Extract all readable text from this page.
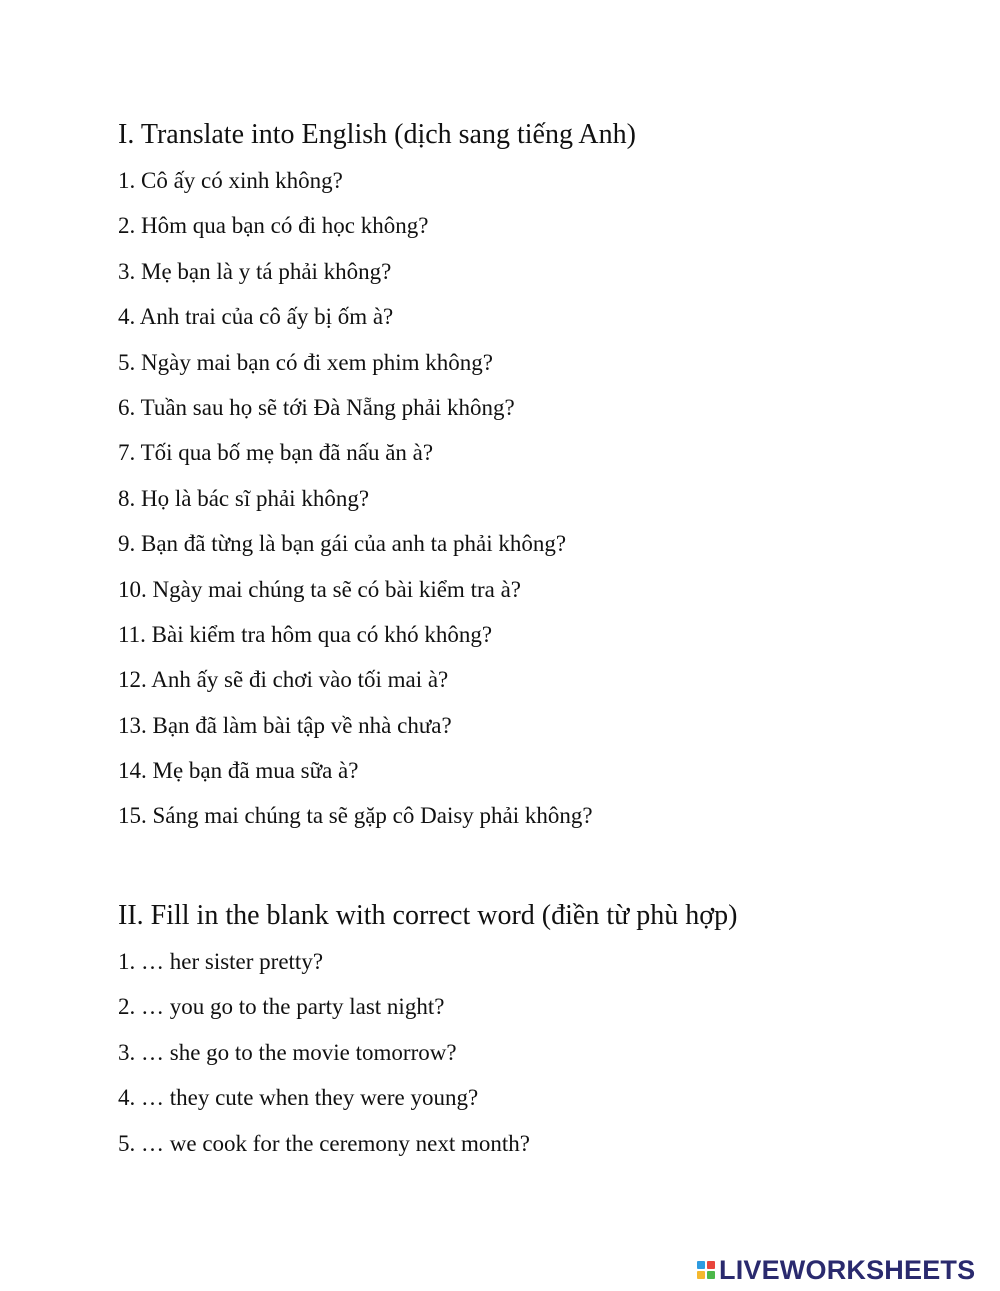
I. Translate into English (dịch sang tiếng Anh)
1. Cô ấy có xinh không?
2. Hôm qua bạn có đi học không?
3. Mẹ bạn là y tá phải không?
4. Anh trai của cô ấy bị ốm à?
5. Ngày mai bạn có đi xem phim không?
6. Tuần sau họ sẽ tới Đà Nẵng phải không?
7. Tối qua bố mẹ bạn đã nấu ăn à?
8. Họ là bác sĩ phải không?
9. Bạn đã từng là bạn gái của anh ta phải không?
10. Ngày mai chúng ta sẽ có bài kiểm tra à?
11. Bài kiểm tra hôm qua có khó không?
12. Anh ấy sẽ đi chơi vào tối mai à?
13. Bạn đã làm bài tập về nhà chưa?
14. Mẹ bạn đã mua sữa à?
15. Sáng mai chúng ta sẽ gặp cô Daisy phải không?
II. Fill in the blank with correct word (điền từ phù hợp)
1. … her sister pretty?
2. … you go to the party last night?
3. … she go to the movie tomorrow?
4. … they cute when they were young?
5. … we cook for the ceremony next month?
LIVEWORKSHEETS
